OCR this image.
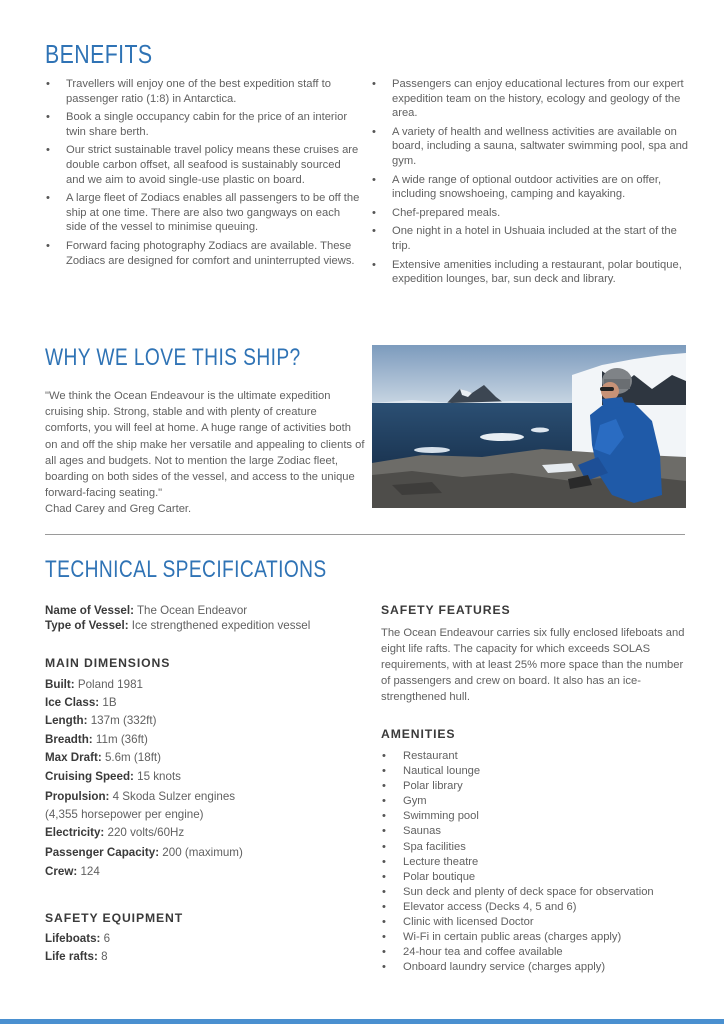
BENEFITS
• Travellers will enjoy one of the best expedition staff to passenger ratio (1:8) in Antarctica.
• Book a single occupancy cabin for the price of an interior twin share berth.
• Our strict sustainable travel policy means these cruises are double carbon offset, all seafood is sustainably sourced and we aim to avoid single-use plastic on board.
• A large fleet of Zodiacs enables all passengers to be off the ship at one time. There are also two gangways on each side of the vessel to minimise queuing.
• Forward facing photography Zodiacs are available. These Zodiacs are designed for comfort and uninterrupted views.
• Passengers can enjoy educational lectures from our expert expedition team on the history, ecology and geology of the area.
• A variety of health and wellness activities are available on board, including a sauna, saltwater swimming pool, spa and gym.
• A wide range of optional outdoor activities are on offer, including snowshoeing, camping and kayaking.
• Chef-prepared meals.
• One night in a hotel in Ushuaia included at the start of the trip.
• Extensive amenities including a restaurant, polar boutique, expedition lounges, bar, sun deck and library.
WHY WE LOVE THIS SHIP?

"We think the Ocean Endeavour is the ultimate expedition cruising ship. Strong, stable and with plenty of creature comforts, you will feel at home. A huge range of activities both on and off the ship make her versatile and appealing to clients of all ages and budgets. Not to mention the large Zodiac fleet, boarding on both sides of the vessel, and access to the unique forward-facing seating."
Chad Carey and Greg Carter.

TECHNICAL SPECIFICATIONS
Name of Vessel: The Ocean Endeavor
Type of Vessel: Ice strengthened expedition vessel
MAIN DIMENSIONS
Built: Poland 1981
Ice Class: 1B
Length: 137m (332ft)
Breadth: 11m (36ft)
Max Draft: 5.6m (18ft)
Cruising Speed: 15 knots
Propulsion: 4 Skoda Sulzer engines
(4,355 horsepower per engine)
Electricity: 220 volts/60Hz
Passenger Capacity: 200 (maximum)
Crew: 124
SAFETY EQUIPMENT
Lifeboats: 6
Life rafts: 8
SAFETY FEATURES

The Ocean Endeavour carries six fully enclosed lifeboats and eight life rafts. The capacity for which exceeds SOLAS requirements, with at least 25% more space than the number of passengers and crew on board. It also has an ice-strengthened hull.

AMENITIES
• Restaurant
• Nautical lounge
• Polar library
• Gym
• Swimming pool
• Saunas
• Spa facilities
• Lecture theatre
• Polar boutique
• Sun deck and plenty of deck space for observation
• Elevator access (Decks 4, 5 and 6)
• Clinic with licensed Doctor
• Wi-Fi in certain public areas (charges apply)
• 24-hour tea and coffee available
• Onboard laundry service (charges apply)
